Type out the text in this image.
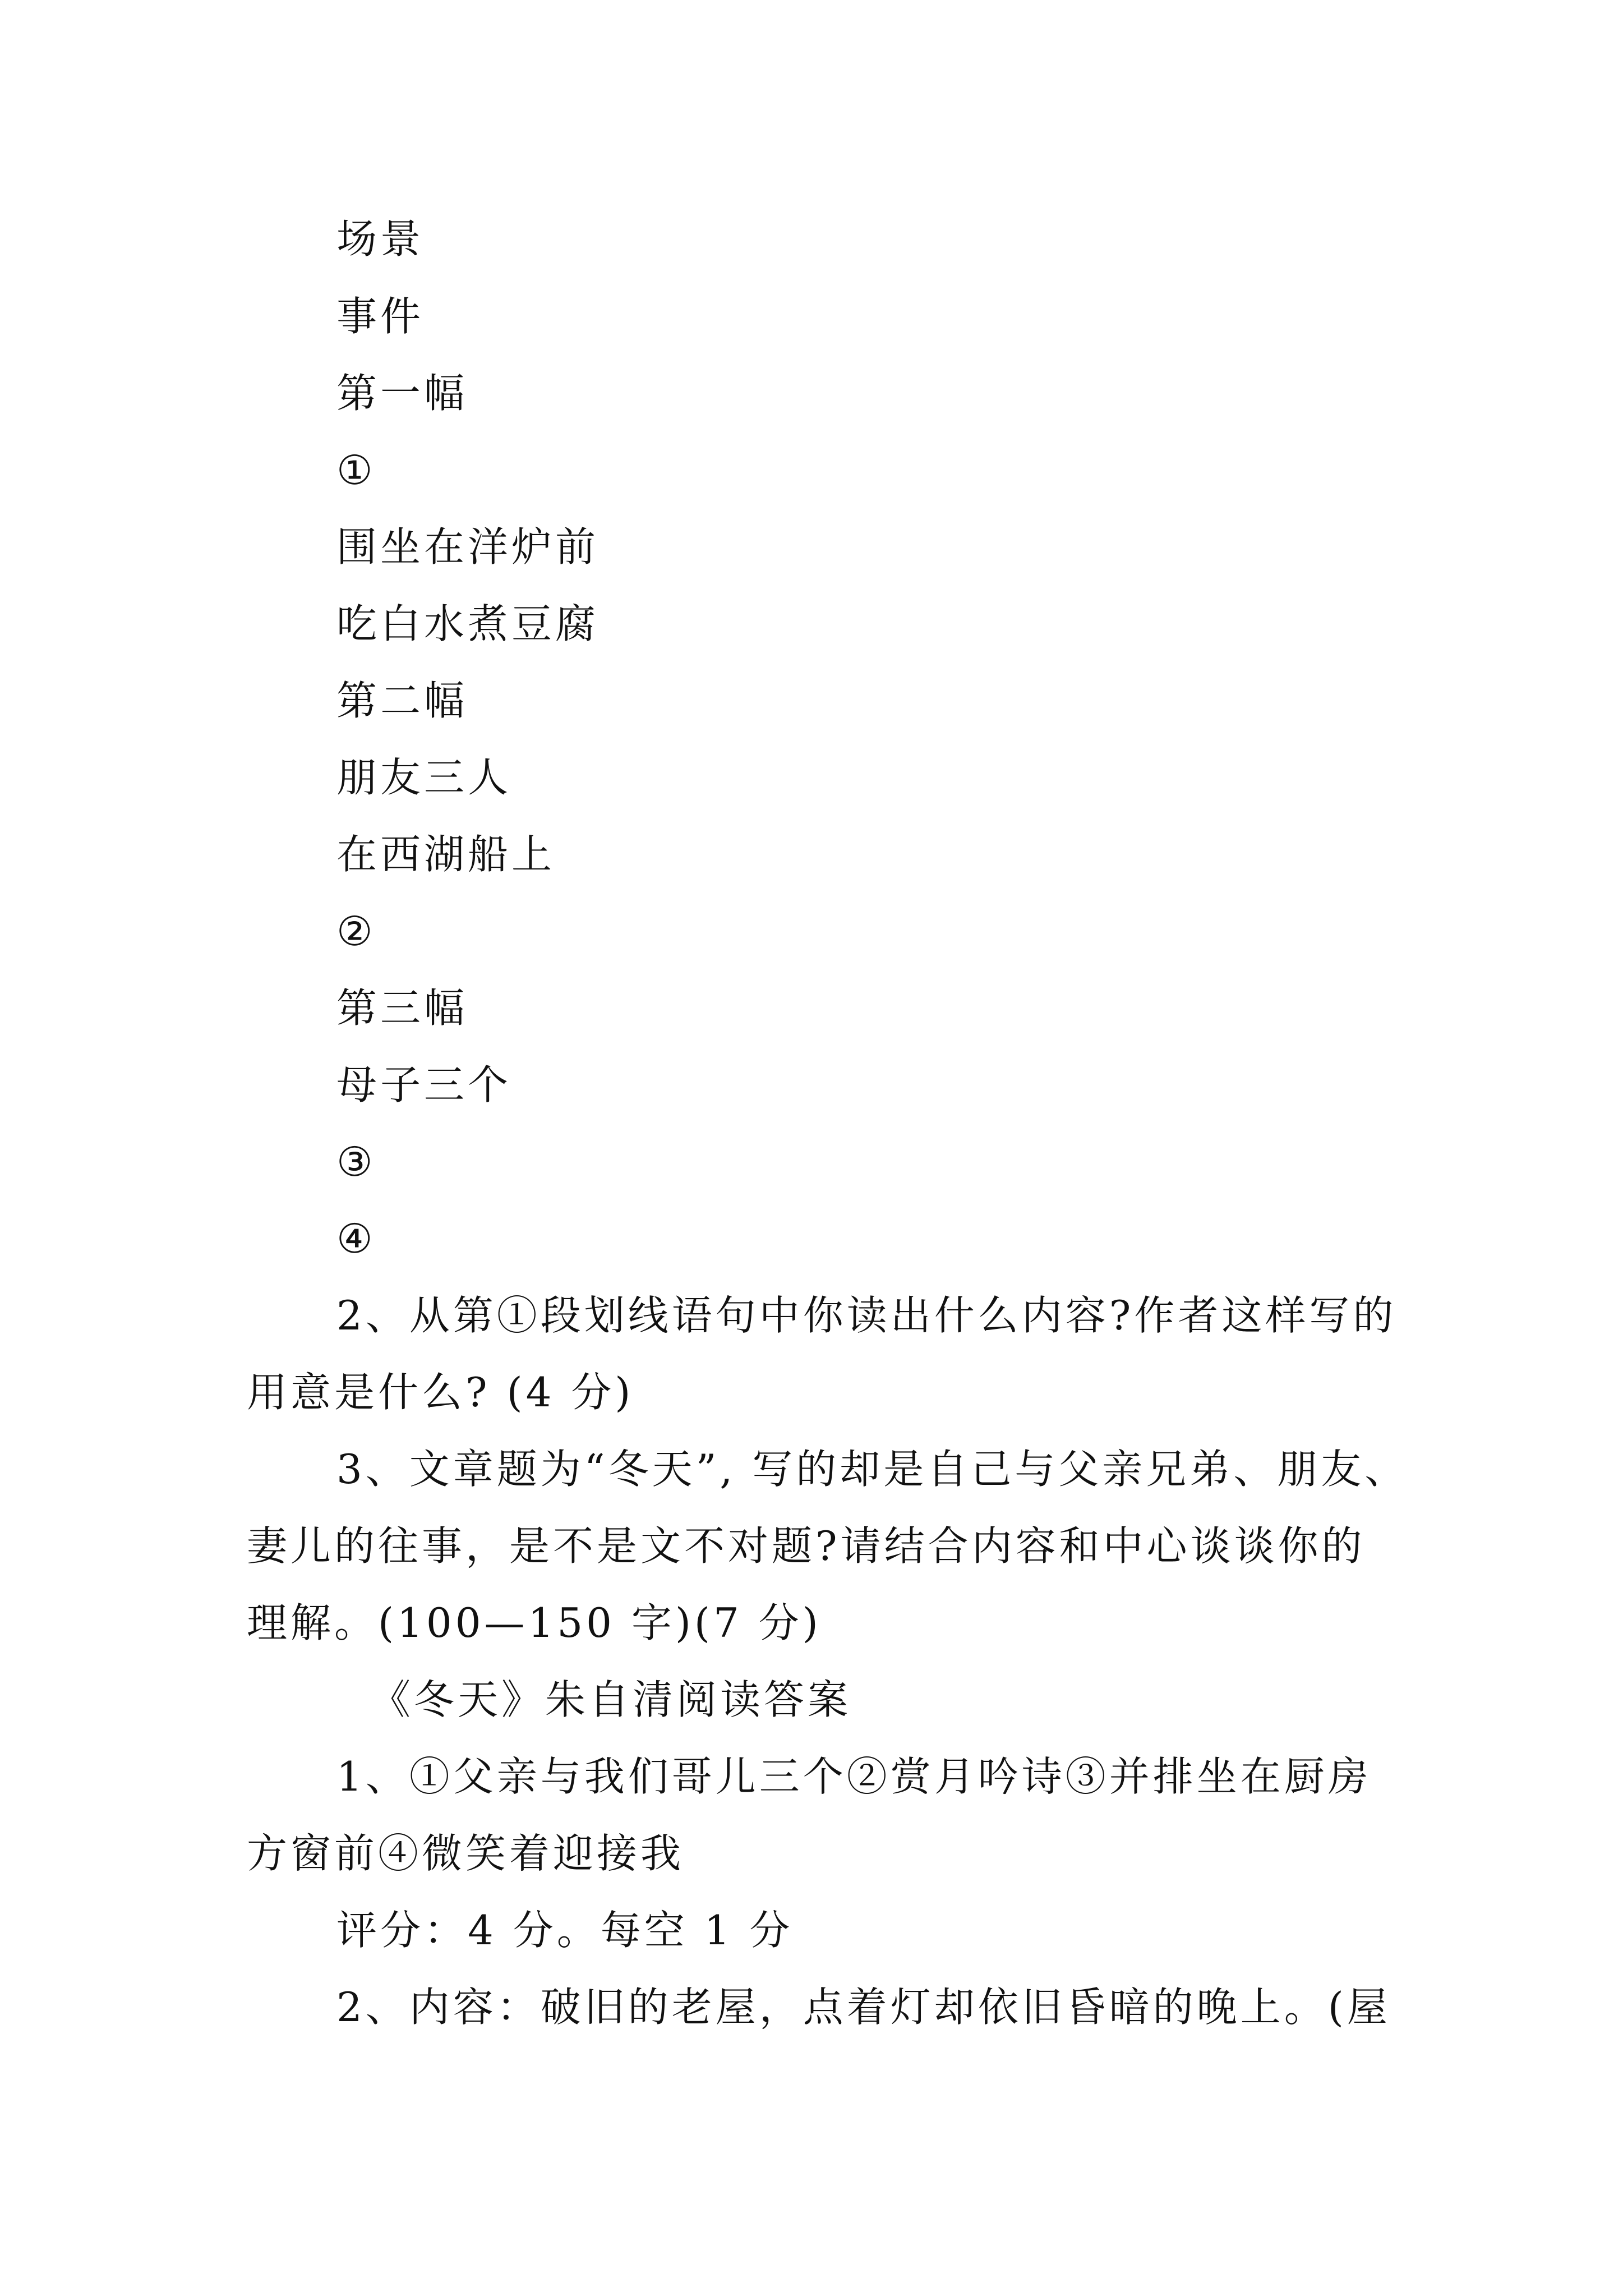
场景
事件
第一幅
①
围坐在洋炉前
吃白水煮豆腐
第二幅
朋友三人
在西湖船上
②
第三幅
母子三个
③
④
2、从第①段划线语句中你读出什么内容?作者这样写的
用意是什么? (4 分)
3、文章题为“冬天”, 写的却是自己与父亲兄弟、朋友、
妻儿的往事，是不是文不对题?请结合内容和中心谈谈你的
理解。(100—150 字)(7 分)
《冬天》朱自清阅读答案
1、①父亲与我们哥儿三个②赏月吟诗③并排坐在厨房
方窗前④微笑着迎接我
评分：4 分。每空 1 分
2、内容：破旧的老屋，点着灯却依旧昏暗的晚上。(屋
